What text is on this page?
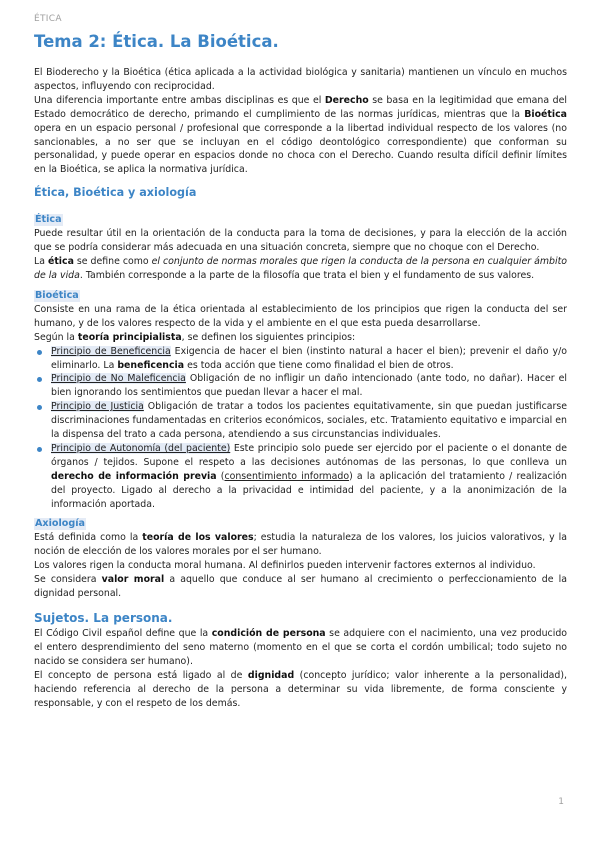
ÉTICA
Tema 2: Ética. La Bioética.

El Bioderecho y la Bioética (ética aplicada a la actividad biológica y sanitaria) mantienen un vínculo en muchos aspectos, influyendo con reciprocidad.

Una diferencia importante entre ambas disciplinas es que el Derecho se basa en la legitimidad que emana del Estado democrático de derecho, primando el cumplimiento de las normas jurídicas, mientras que la Bioética opera en un espacio personal / profesional que corresponde a la libertad individual respecto de los valores (no sancionables, a no ser que se incluyan en el código deontológico correspondiente) que conforman su personalidad, y puede operar en espacios donde no choca con el Derecho. Cuando resulta difícil definir límites en la Bioética, se aplica la normativa jurídica.

Ética, Bioética y axiología
Ética

Puede resultar útil en la orientación de la conducta para la toma de decisiones, y para la elección de la acción que se podría considerar más adecuada en una situación concreta, siempre que no choque con el Derecho.

La ética se define como el conjunto de normas morales que rigen la conducta de la persona en cualquier ámbito de la vida. También corresponde a la parte de la filosofía que trata el bien y el fundamento de sus valores.

Bioética

Consiste en una rama de la ética orientada al establecimiento de los principios que rigen la conducta del ser humano, y de los valores respecto de la vida y el ambiente en el que esta pueda desarrollarse.

Según la teoría principialista, se definen los siguientes principios:

Principio de Beneficencia Exigencia de hacer el bien (instinto natural a hacer el bien); prevenir el daño y/o eliminarlo. La beneficencia es toda acción que tiene como finalidad el bien de otros.

Principio de No Maleficencia Obligación de no infligir un daño intencionado (ante todo, no dañar). Hacer el bien ignorando los sentimientos que puedan llevar a hacer el mal.

Principio de Justicia Obligación de tratar a todos los pacientes equitativamente, sin que puedan justificarse discriminaciones fundamentadas en criterios económicos, sociales, etc. Tratamiento equitativo e imparcial en la dispensa del trato a cada persona, atendiendo a sus circunstancias individuales.

Principio de Autonomía (del paciente) Este principio solo puede ser ejercido por el paciente o el donante de órganos / tejidos. Supone el respeto a las decisiones autónomas de las personas, lo que conlleva un derecho de información previa (consentimiento informado) a la aplicación del tratamiento / realización del proyecto. Ligado al derecho a la privacidad e intimidad del paciente, y a la anonimización de la información aportada.

Axiología

Está definida como la teoría de los valores; estudia la naturaleza de los valores, los juicios valorativos, y la noción de elección de los valores morales por el ser humano.

Los valores rigen la conducta moral humana. Al definirlos pueden intervenir factores externos al individuo.

Se considera valor moral a aquello que conduce al ser humano al crecimiento o perfeccionamiento de la dignidad personal.

Sujetos. La persona.

El Código Civil español define que la condición de persona se adquiere con el nacimiento, una vez producido el entero desprendimiento del seno materno (momento en el que se corta el cordón umbilical; todo sujeto no nacido se considera ser humano).

El concepto de persona está ligado al de dignidad (concepto jurídico; valor inherente a la personalidad), haciendo referencia al derecho de la persona a determinar su vida libremente, de forma consciente y responsable, y con el respeto de los demás.

1
